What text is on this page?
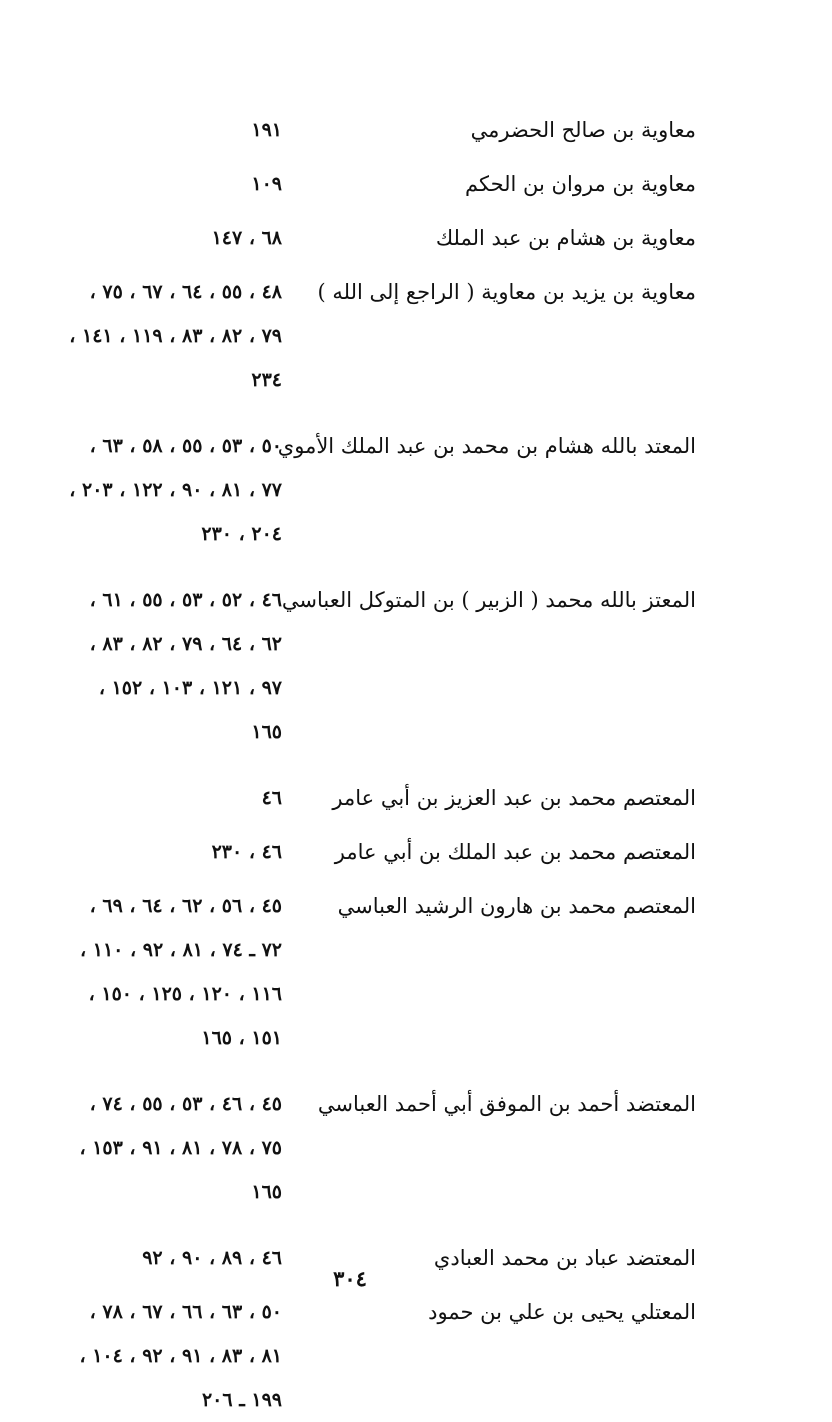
معاوية بن صالح الحضرمي
١٩١
معاوية بن مروان بن الحكم
١٠٩
معاوية بن هشام بن عبد الملك
٦٨ ، ١٤٧
معاوية بن يزيد بن معاوية ( الراجع إلى الله )
٤٨ ، ٥٥ ، ٦٤ ، ٦٧ ، ٧٥ ،
٧٩ ، ٨٢ ، ٨٣ ، ١١٩ ، ١٤١ ،
٢٣٤
المعتد بالله هشام بن محمد بن عبد الملك الأموي
٥٠ ، ٥٣ ، ٥٥ ، ٥٨ ، ٦٣ ،
٧٧ ، ٨١ ، ٩٠ ، ١٢٢ ، ٢٠٣ ،
٢٠٤ ، ٢٣٠
المعتز بالله محمد ( الزبير ) بن المتوكل العباسي
٤٦ ، ٥٢ ، ٥٣ ، ٥٥ ، ٦١ ،
٦٢ ، ٦٤ ، ٧٩ ، ٨٢ ، ٨٣ ،
٩٧ ، ١٢١ ، ١٠٣ ، ١٥٢ ،
١٦٥
المعتصم محمد بن عبد العزيز بن أبي عامر
٤٦
المعتصم محمد بن عبد الملك بن أبي عامر
٤٦ ، ٢٣٠
المعتصم محمد بن هارون الرشيد العباسي
٤٥ ، ٥٦ ، ٦٢ ، ٦٤ ، ٦٩ ،
٧٢ ـ ٧٤ ، ٨١ ، ٩٢ ، ١١٠ ،
١١٦ ، ١٢٠ ، ١٢٥ ، ١٥٠ ،
١٥١ ، ١٦٥
المعتضد أحمد بن الموفق أبي أحمد العباسي
٤٥ ، ٤٦ ، ٥٣ ، ٥٥ ، ٧٤ ،
٧٥ ، ٧٨ ، ٨١ ، ٩١ ، ١٥٣ ،
١٦٥
المعتضد عباد بن محمد العبادي
٤٦ ، ٨٩ ، ٩٠ ، ٩٢
المعتلي يحيى بن علي بن حمود
٥٠ ، ٦٣ ، ٦٦ ، ٦٧ ، ٧٨ ،
٨١ ، ٨٣ ، ٩١ ، ٩٢ ، ١٠٤ ،
١٩٩ ـ ٢٠٦
٣٠٤
